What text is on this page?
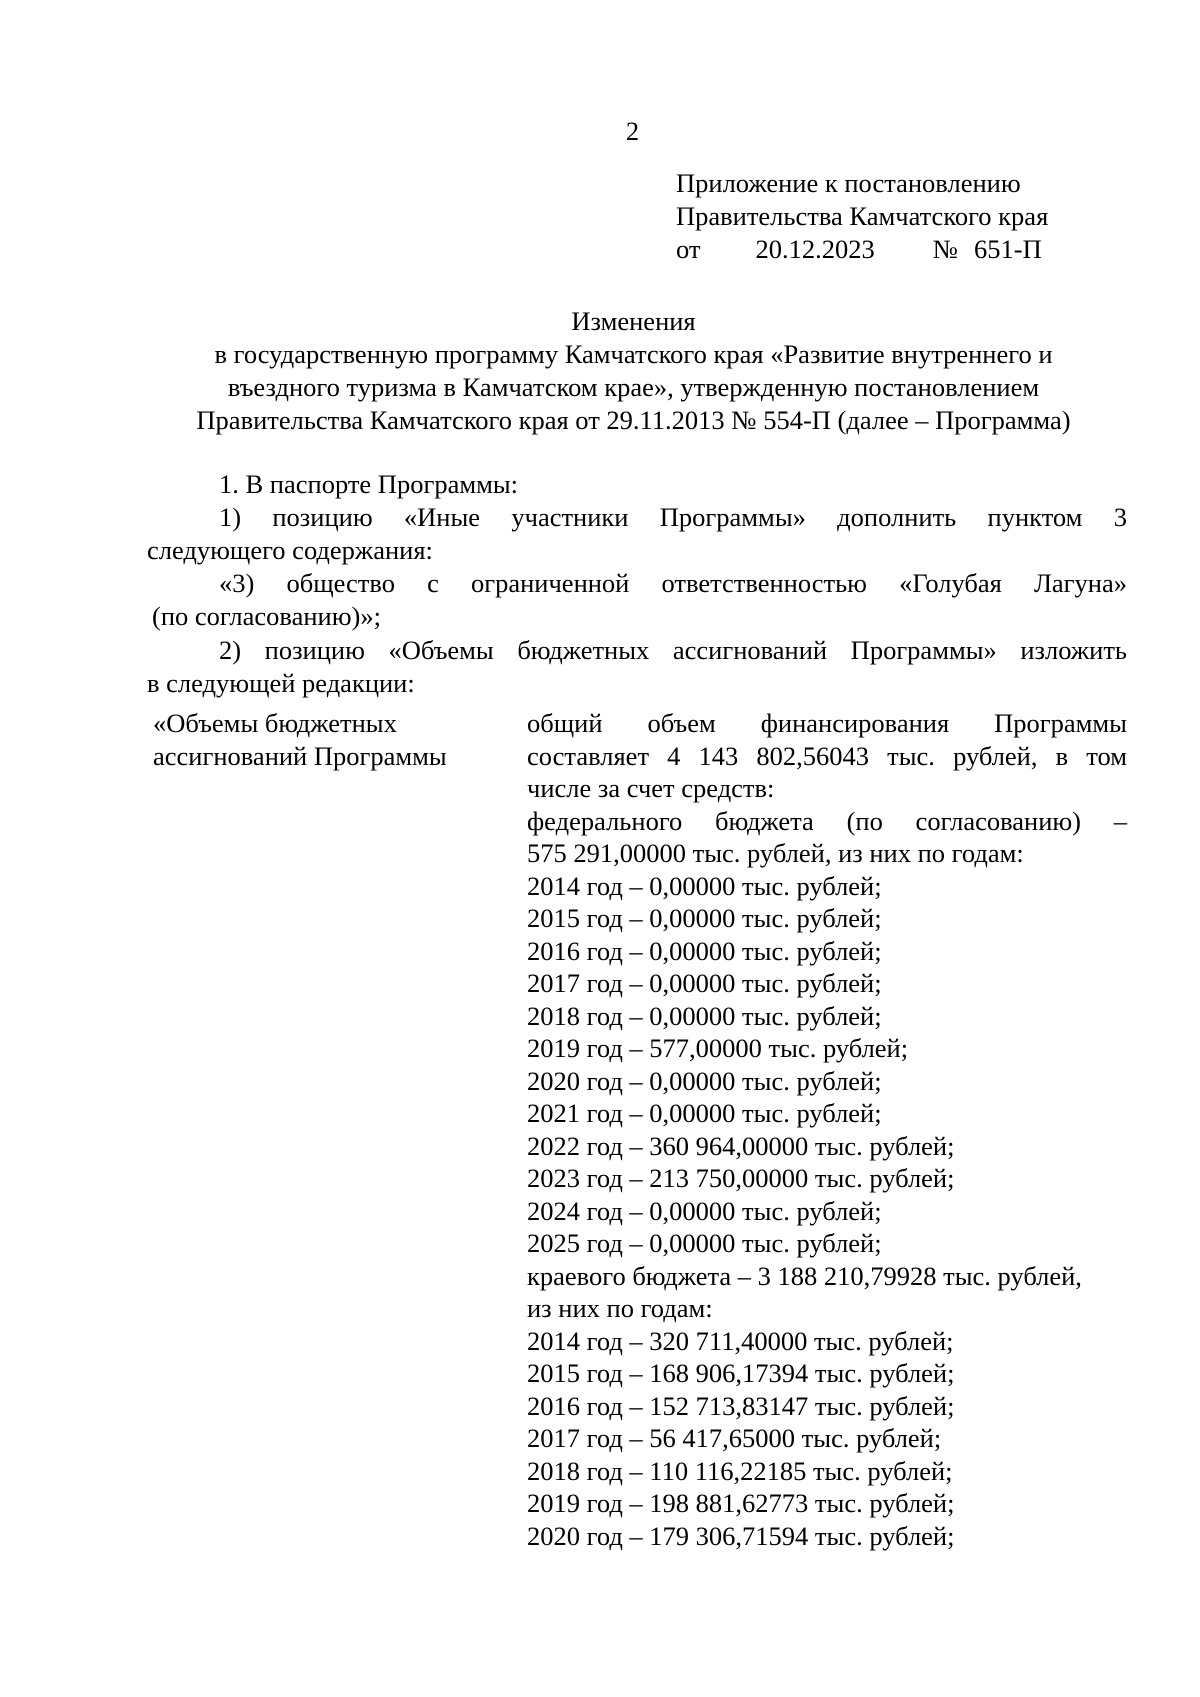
2
Приложение к постановлению
Правительства Камчатского края
от 20.12.2023 № 651-П
Изменения
в государственную программу Камчатского края «Развитие внутреннего и
въездного туризма в Камчатском крае», утвержденную постановлением
Правительства Камчатского края от 29.11.2013 № 554-П (далее – Программа)
1. В паспорте Программы:
1) позицию «Иные участники Программы» дополнить пунктом 3
следующего содержания:
«3) общество с ограниченной ответственностью «Голубая Лагуна»
(по согласованию)»;
2) позицию «Объемы бюджетных ассигнований Программы» изложить
в следующей редакции:
«Объемы бюджетных
ассигнований Программы
общий объем финансирования Программы
составляет 4 143 802,56043 тыс. рублей, в том
числе за счет средств:
федерального бюджета (по согласованию) –
575 291,00000 тыс. рублей, из них по годам:
2014 год – 0,00000 тыс. рублей;
2015 год – 0,00000 тыс. рублей;
2016 год – 0,00000 тыс. рублей;
2017 год – 0,00000 тыс. рублей;
2018 год – 0,00000 тыс. рублей;
2019 год – 577,00000 тыс. рублей;
2020 год – 0,00000 тыс. рублей;
2021 год – 0,00000 тыс. рублей;
2022 год – 360 964,00000 тыс. рублей;
2023 год – 213 750,00000 тыс. рублей;
2024 год – 0,00000 тыс. рублей;
2025 год – 0,00000 тыс. рублей;
краевого бюджета – 3 188 210,79928 тыс. рублей,
из них по годам:
2014 год – 320 711,40000 тыс. рублей;
2015 год – 168 906,17394 тыс. рублей;
2016 год – 152 713,83147 тыс. рублей;
2017 год – 56 417,65000 тыс. рублей;
2018 год – 110 116,22185 тыс. рублей;
2019 год – 198 881,62773 тыс. рублей;
2020 год – 179 306,71594 тыс. рублей;
